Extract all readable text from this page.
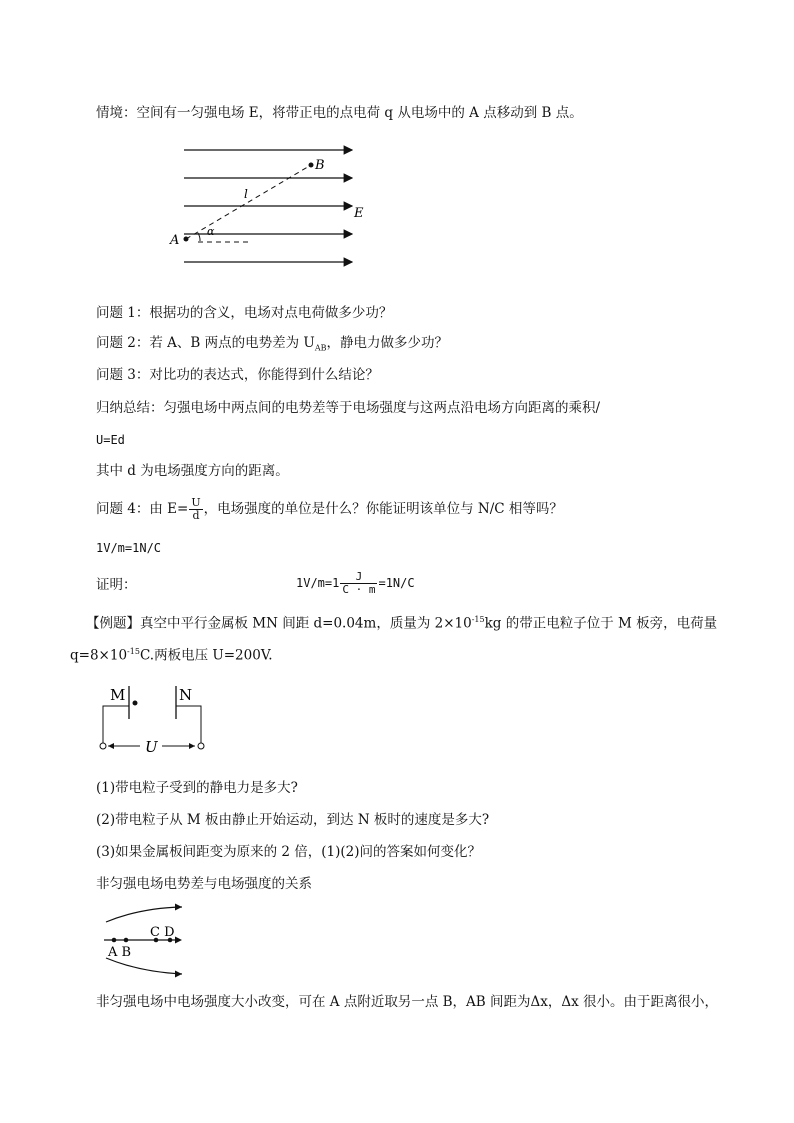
情境：空间有一匀强电场 E，将带正电的点电荷 q 从电场中的 A 点移动到 B 点。
A
B
E
l
α
问题 1：根据功的含义，电场对点电荷做多少功？
问题 2：若 A、B 两点的电势差为 $U_{AB}$，静电力做多少功？
问题 3：对比功的表达式，你能得到什么结论？
归纳总结：匀强电场中两点间的电势差等于电场强度与这两点沿电场方向距离的乘积/
U=Ed
其中 d 为电场强度方向的距离。
问题 4：由 $E= \frac{U}{d}$ ，电场强度的单位是什么？你能证明该单位与 N/C 相等吗？
1V/m=1N/C
证明：	$1V/m=1 \frac{J}{C \cdot m} =1N/C$
【例题】真空中平行金属板 MN 间距 d=0.04m，质量为 $2\times 10^{-15}kg$ 的带正电粒子位于 M 板旁，电荷量
$q=8\times 10^{-15}C$.两板电压 U=200V.
M	N
U
(1)带电粒子受到的静电力是多大?
(2)带电粒子从 M 板由静止开始运动，到达 N 板时的速度是多大?
(3)如果金属板间距变为原来的 2 倍，(1)(2)问的答案如何变化？
非匀强电场电势差与电场强度的关系
C D
A B
非匀强电场中电场强度大小改变，可在 A 点附近取另一点 B，AB 间距为Δx，Δx 很小。由于距离很小，
